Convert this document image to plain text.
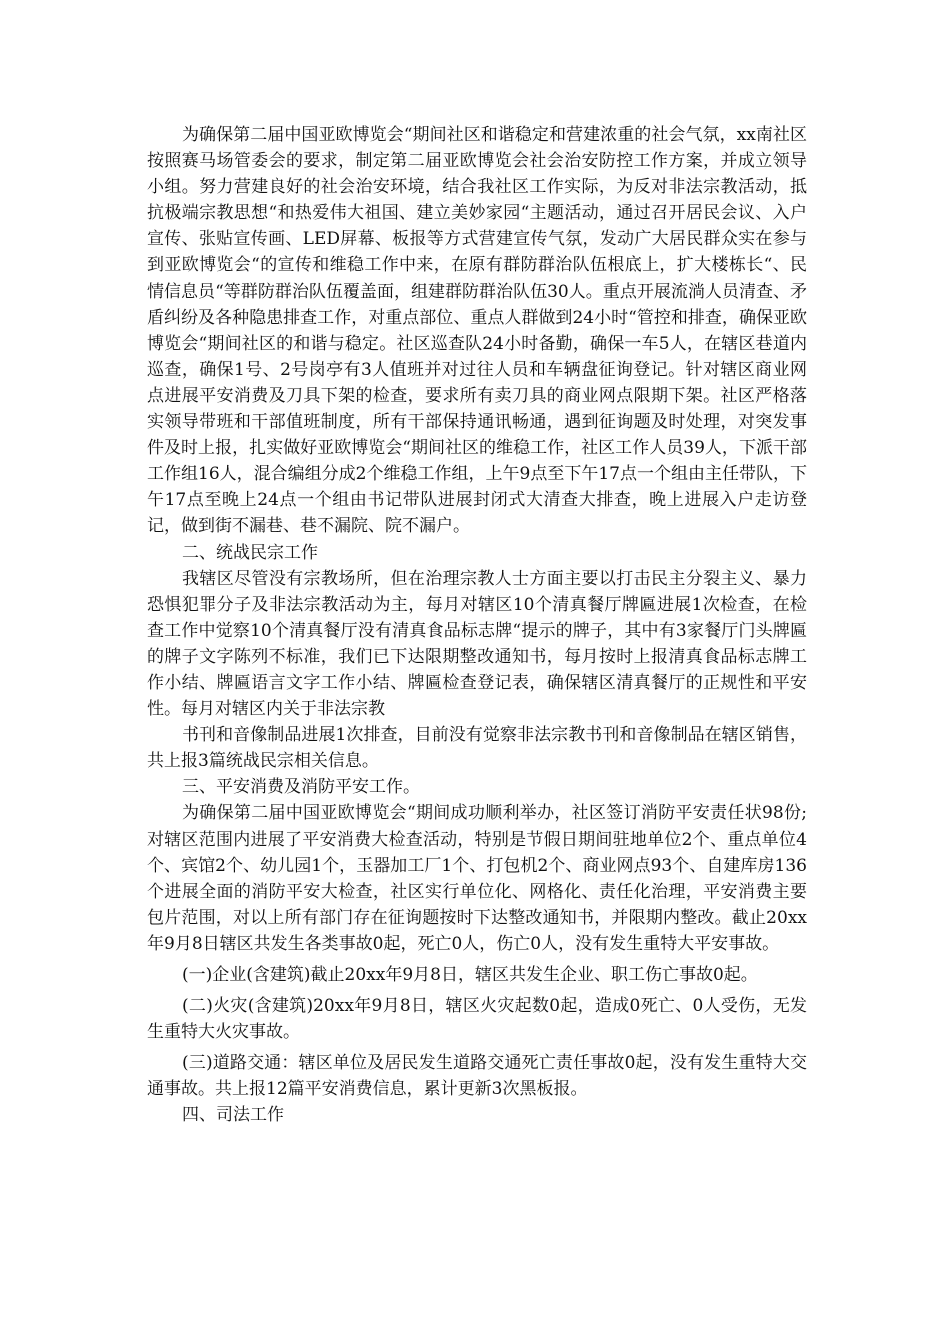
为确保第二届中国亚欧博览会“期间社区和谐稳定和营建浓重的社会气氛，xx南社区按照赛马场管委会的要求，制定第二届亚欧博览会社会治安防控工作方案，并成立领导小组。努力营建良好的社会治安环境，结合我社区工作实际，为反对非法宗教活动，抵抗极端宗教思想“和热爱伟大祖国、建立美妙家园“主题活动，通过召开居民会议、入户宣传、张贴宣传画、LED屏幕、板报等方式营建宣传气氛，发动广大居民群众实在参与到亚欧博览会“的宣传和维稳工作中来，在原有群防群治队伍根底上，扩大楼栋长“、民情信息员“等群防群治队伍覆盖面，组建群防群治队伍30人。重点开展流淌人员清查、矛盾纠纷及各种隐患排查工作，对重点部位、重点人群做到24小时“管控和排查，确保亚欧博览会“期间社区的和谐与稳定。社区巡查队24小时备勤，确保一车5人，在辖区巷道内巡查，确保1号、2号岗亭有3人值班并对过往人员和车辆盘征询登记。针对辖区商业网点进展平安消费及刀具下架的检查，要求所有卖刀具的商业网点限期下架。社区严格落实领导带班和干部值班制度，所有干部保持通讯畅通，遇到征询题及时处理，对突发事件及时上报，扎实做好亚欧博览会“期间社区的维稳工作，社区工作人员39人，下派干部工作组16人，混合编组分成2个维稳工作组，上午9点至下午17点一个组由主任带队，下午17点至晚上24点一个组由书记带队进展封闭式大清查大排查，晚上进展入户走访登记，做到街不漏巷、巷不漏院、院不漏户。

二、统战民宗工作

我辖区尽管没有宗教场所，但在治理宗教人士方面主要以打击民主分裂主义、暴力恐惧犯罪分子及非法宗教活动为主，每月对辖区10个清真餐厅牌匾进展1次检查，在检查工作中觉察10个清真餐厅没有清真食品标志牌“提示的牌子，其中有3家餐厅门头牌匾的牌子文字陈列不标准，我们已下达限期整改通知书，每月按时上报清真食品标志牌工作小结、牌匾语言文字工作小结、牌匾检查登记表，确保辖区清真餐厅的正规性和平安性。每月对辖区内关于非法宗教

书刊和音像制品进展1次排查，目前没有觉察非法宗教书刊和音像制品在辖区销售，共上报3篇统战民宗相关信息。

三、平安消费及消防平安工作。

为确保第二届中国亚欧博览会“期间成功顺利举办，社区签订消防平安责任状98份;对辖区范围内进展了平安消费大检查活动，特别是节假日期间驻地单位2个、重点单位4个、宾馆2个、幼儿园1个，玉器加工厂1个、打包机2个、商业网点93个、自建库房136个进展全面的消防平安大检查，社区实行单位化、网格化、责任化治理，平安消费主要包片范围，对以上所有部门存在征询题按时下达整改通知书，并限期内整改。截止20xx年9月8日辖区共发生各类事故0起，死亡0人，伤亡0人，没有发生重特大平安事故。

(一)企业(含建筑)截止20xx年9月8日，辖区共发生企业、职工伤亡事故0起。

(二)火灾(含建筑)20xx年9月8日，辖区火灾起数0起，造成0死亡、0人受伤，无发生重特大火灾事故。

(三)道路交通：辖区单位及居民发生道路交通死亡责任事故0起，没有发生重特大交通事故。共上报12篇平安消费信息，累计更新3次黑板报。

四、司法工作
